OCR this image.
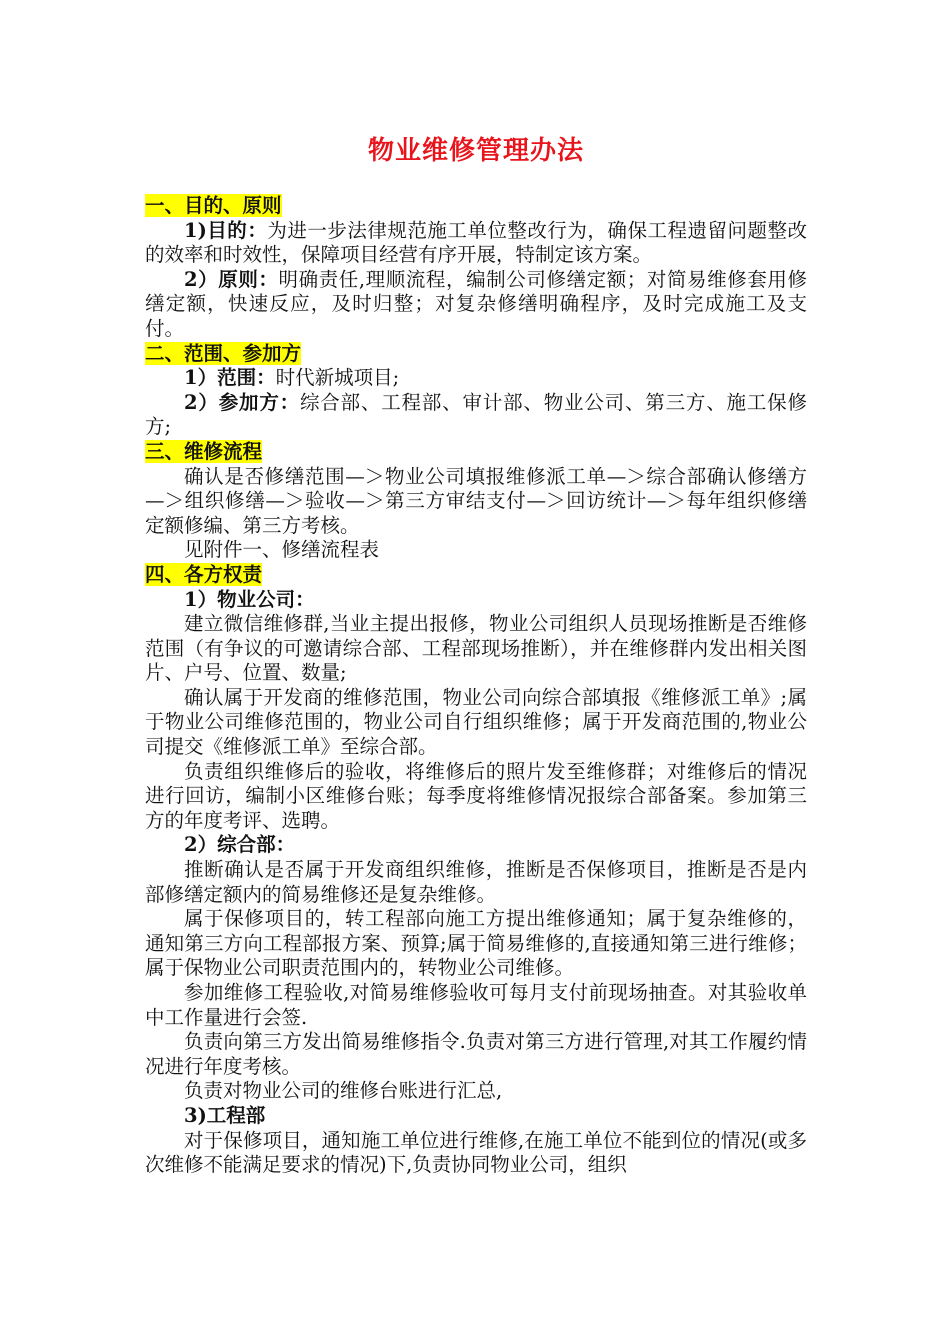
物业维修管理办法
一、目的、原则

1)目的：为进一步法律规范施工单位整改行为，确保工程遗留问题整改的效率和时效性，保障项目经营有序开展，特制定该方案。

2）原则：明确责任,理顺流程，编制公司修缮定额；对简易维修套用修缮定额，快速反应，及时归整；对复杂修缮明确程序，及时完成施工及支付。

二、范围、参加方

1）范围：时代新城项目;

2）参加方：综合部、工程部、审计部、物业公司、第三方、施工保修方;

三、维修流程

确认是否修缮范围—＞物业公司填报维修派工单—＞综合部确认修缮方—＞组织修缮—＞验收—＞第三方审结支付—＞回访统计—＞每年组织修缮定额修编、第三方考核。

见附件一、修缮流程表

四、各方权责

1）物业公司：

建立微信维修群,当业主提出报修，物业公司组织人员现场推断是否维修范围（有争议的可邀请综合部、工程部现场推断），并在维修群内发出相关图片、户号、位置、数量;

确认属于开发商的维修范围，物业公司向综合部填报《维修派工单》;属于物业公司维修范围的，物业公司自行组织维修；属于开发商范围的,物业公司提交《维修派工单》至综合部。

负责组织维修后的验收，将维修后的照片发至维修群；对维修后的情况进行回访，编制小区维修台账；每季度将维修情况报综合部备案。参加第三方的年度考评、选聘。

2）综合部：

推断确认是否属于开发商组织维修，推断是否保修项目，推断是否是内部修缮定额内的简易维修还是复杂维修。

属于保修项目的，转工程部向施工方提出维修通知；属于复杂维修的，通知第三方向工程部报方案、预算;属于简易维修的,直接通知第三进行维修；属于保物业公司职责范围内的，转物业公司维修。

参加维修工程验收,对简易维修验收可每月支付前现场抽查。对其验收单中工作量进行会签.

负责向第三方发出简易维修指令.负责对第三方进行管理,对其工作履约情况进行年度考核。

负责对物业公司的维修台账进行汇总,

3)工程部

对于保修项目，通知施工单位进行维修,在施工单位不能到位的情况(或多次维修不能满足要求的情况)下,负责协同物业公司，组织
